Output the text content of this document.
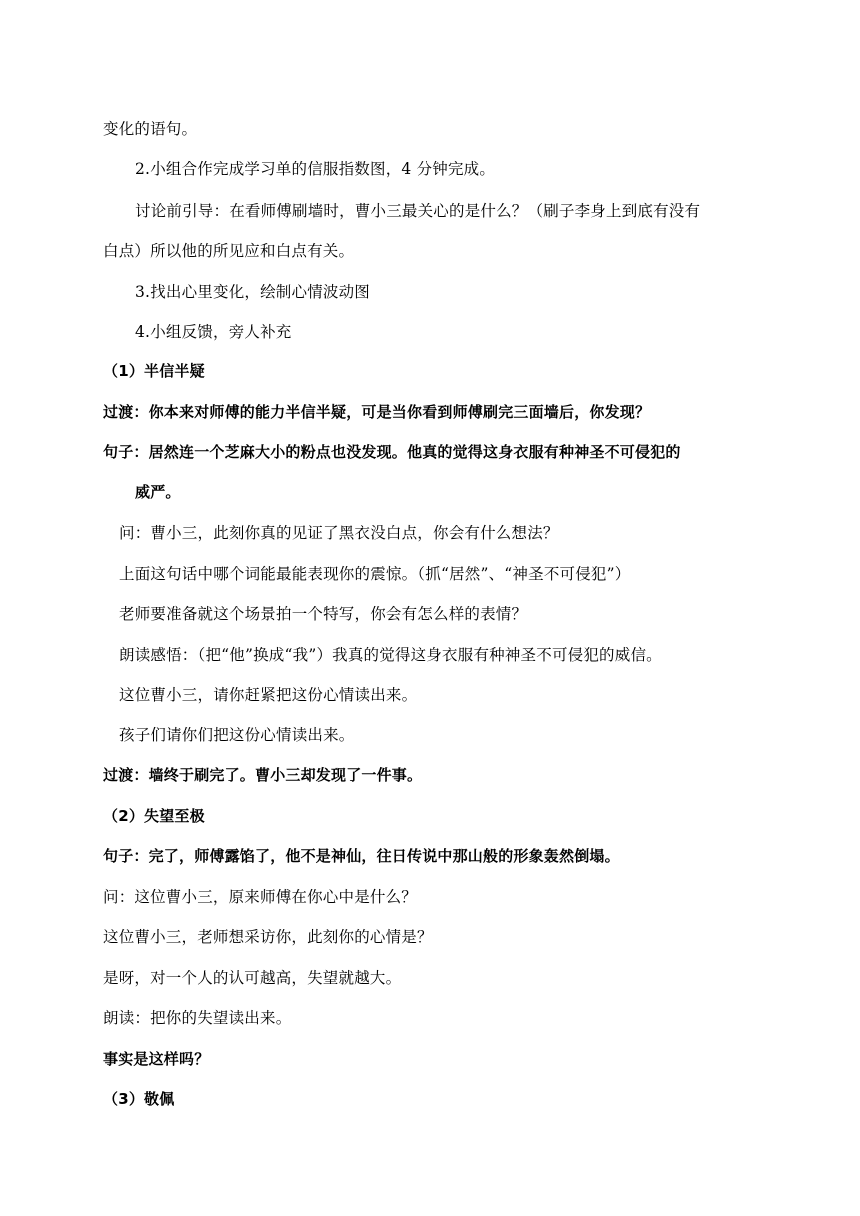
变化的语句。
2.小组合作完成学习单的信服指数图，4 分钟完成。
讨论前引导：在看师傅刷墙时，曹小三最关心的是什么？（刷子李身上到底有没有
白点）所以他的所见应和白点有关。
3.找出心里变化，绘制心情波动图
4.小组反馈，旁人补充
（1）半信半疑
过渡：你本来对师傅的能力半信半疑，可是当你看到师傅刷完三面墙后，你发现？
句子：居然连一个芝麻大小的粉点也没发现。他真的觉得这身衣服有种神圣不可侵犯的
威严。
问：曹小三，此刻你真的见证了黑衣没白点，你会有什么想法？
上面这句话中哪个词能最能表现你的震惊。（抓“居然”、“神圣不可侵犯”）
老师要准备就这个场景拍一个特写，你会有怎么样的表情？
朗读感悟：（把“他”换成“我”）我真的觉得这身衣服有种神圣不可侵犯的威信。
这位曹小三，请你赶紧把这份心情读出来。
孩子们请你们把这份心情读出来。
过渡：墙终于刷完了。曹小三却发现了一件事。
（2）失望至极
句子：完了，师傅露馅了，他不是神仙，往日传说中那山般的形象轰然倒塌。
问：这位曹小三，原来师傅在你心中是什么？
这位曹小三，老师想采访你，此刻你的心情是？
是呀，对一个人的认可越高，失望就越大。
朗读：把你的失望读出来。
事实是这样吗？
（3）敬佩
